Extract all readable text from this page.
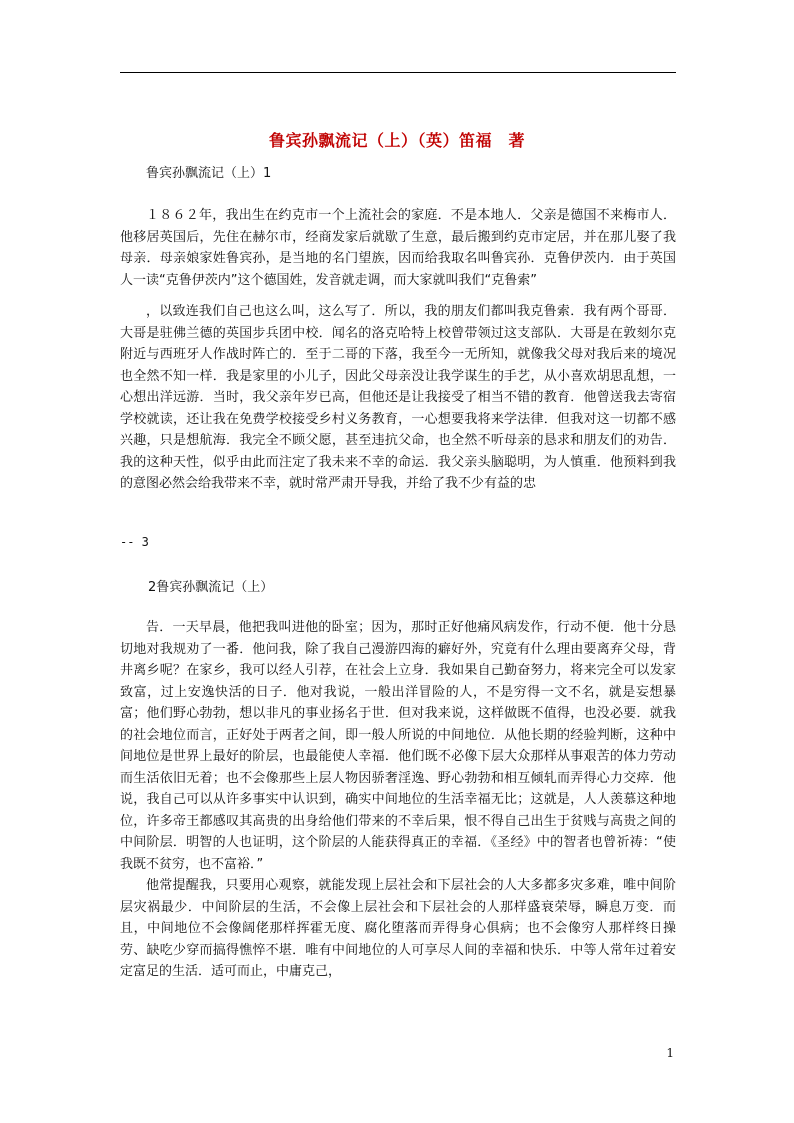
鲁宾孙飘流记（上）（英）笛福　著
鲁宾孙飘流记（上）1

１８６２年，我出生在约克市一个上流社会的家庭．不是本地人．父亲是德国不来梅市人．他移居英国后，先住在赫尔市，经商发家后就歇了生意，最后搬到约克市定居，并在那儿娶了我母亲．母亲娘家姓鲁宾孙，是当地的名门望族，因而给我取名叫鲁宾孙．克鲁伊茨内．由于英国人一读“克鲁伊茨内”这个德国姓，发音就走调，而大家就叫我们“克鲁索”

，以致连我们自己也这么叫，这么写了．所以，我的朋友们都叫我克鲁索．我有两个哥哥．大哥是驻佛兰德的英国步兵团中校．闻名的洛克哈特上校曾带领过这支部队．大哥是在敦刻尔克附近与西班牙人作战时阵亡的．至于二哥的下落，我至今一无所知，就像我父母对我后来的境况也全然不知一样．我是家里的小儿子，因此父母亲没让我学谋生的手艺，从小喜欢胡思乱想，一心想出洋远游．当时，我父亲年岁已高，但他还是让我接受了相当不错的教育．他曾送我去寄宿学校就读，还让我在免费学校接受乡村义务教育，一心想要我将来学法律．但我对这一切都不感兴趣，只是想航海．我完全不顾父愿，甚至违抗父命，也全然不听母亲的恳求和朋友们的劝告．我的这种天性，似乎由此而注定了我未来不幸的命运．我父亲头脑聪明，为人慎重．他预料到我的意图必然会给我带来不幸，就时常严肃开导我，并给了我不少有益的忠

-- 3
2鲁宾孙飘流记（上）

告．一天早晨，他把我叫进他的卧室；因为，那时正好他痛风病发作，行动不便．他十分恳切地对我规劝了一番．他问我，除了我自己漫游四海的癖好外，究竟有什么理由要离弃父母，背井离乡呢？在家乡，我可以经人引荐，在社会上立身．我如果自己勤奋努力，将来完全可以发家致富，过上安逸快活的日子．他对我说，一般出洋冒险的人，不是穷得一文不名，就是妄想暴富；他们野心勃勃，想以非凡的事业扬名于世．但对我来说，这样做既不值得，也没必要．就我的社会地位而言，正好处于两者之间，即一般人所说的中间地位．从他长期的经验判断，这种中间地位是世界上最好的阶层，也最能使人幸福．他们既不必像下层大众那样从事艰苦的体力劳动而生活依旧无着；也不会像那些上层人物因骄奢淫逸、野心勃勃和相互倾轧而弄得心力交瘁．他说，我自己可以从许多事实中认识到，确实中间地位的生活幸福无比；这就是，人人羡慕这种地位，许多帝王都感叹其高贵的出身给他们带来的不幸后果，恨不得自己出生于贫贱与高贵之间的中间阶层．明智的人也证明，这个阶层的人能获得真正的幸福．《圣经》中的智者也曾祈祷：“使我既不贫穷，也不富裕．”

他常提醒我，只要用心观察，就能发现上层社会和下层社会的人大多都多灾多难，唯中间阶层灾祸最少．中间阶层的生活，不会像上层社会和下层社会的人那样盛衰荣辱，瞬息万变．而且，中间地位不会像阔佬那样挥霍无度、腐化堕落而弄得身心俱病；也不会像穷人那样终日操劳、缺吃少穿而搞得憔悴不堪．唯有中间地位的人可享尽人间的幸福和快乐．中等人常年过着安定富足的生活．适可而止，中庸克己，

1
